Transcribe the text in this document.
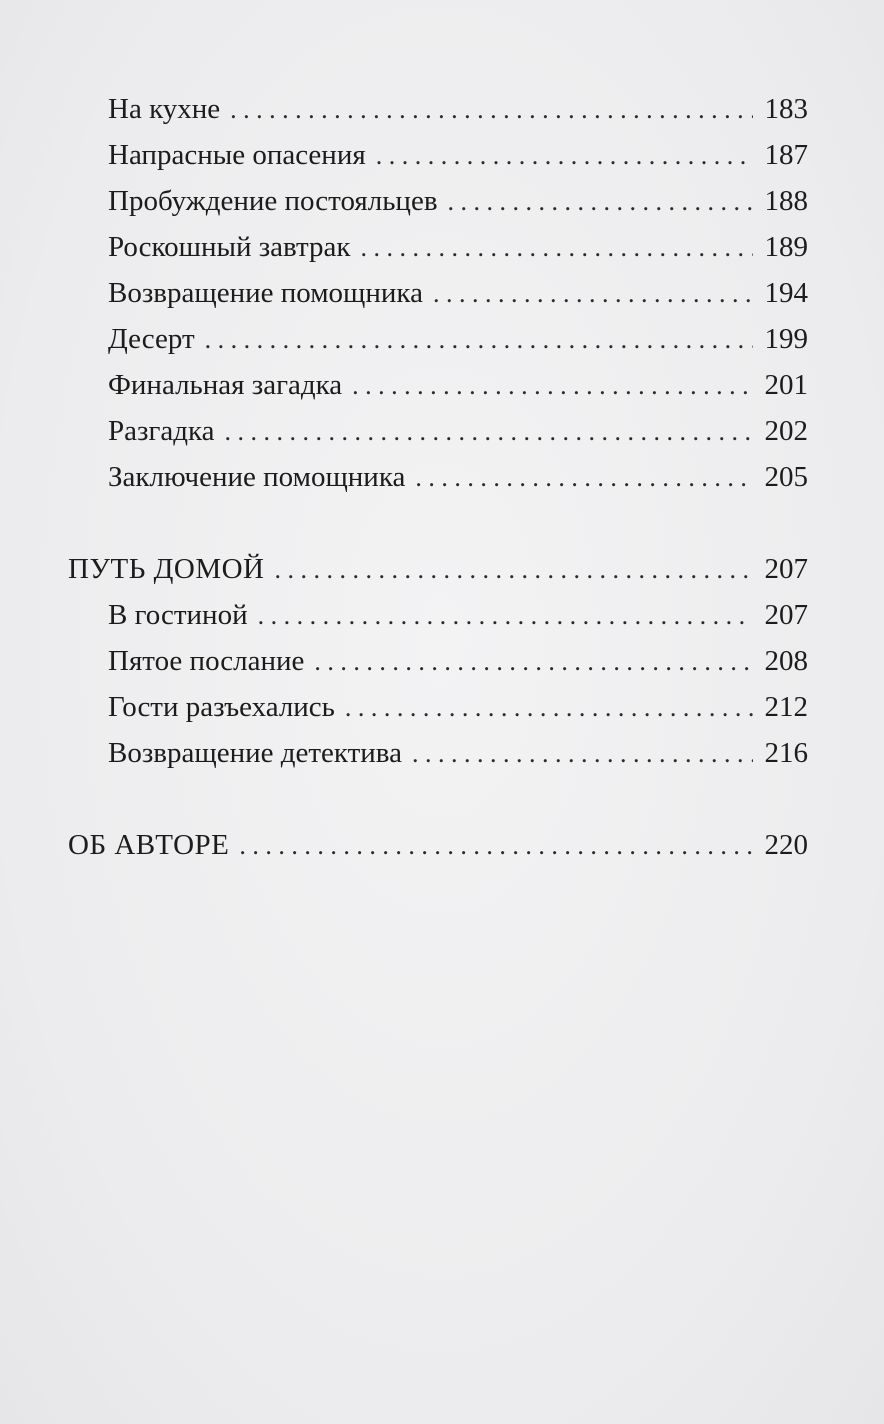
На кухне . . .	183
Напрасные опасения . . .	187
Пробуждение постояльцев . . .	188
Роскошный завтрак . . .	189
Возвращение помощника . . .	194
Десерт . . .	199
Финальная загадка . . .	201
Разгадка . . .	202
Заключение помощника . . .	205
ПУТЬ ДОМОЙ . . .	207
В гостиной . . .	207
Пятое послание . . .	208
Гости разъехались . . .	212
Возвращение детектива . . .	216
ОБ АВТОРЕ . . .	220
